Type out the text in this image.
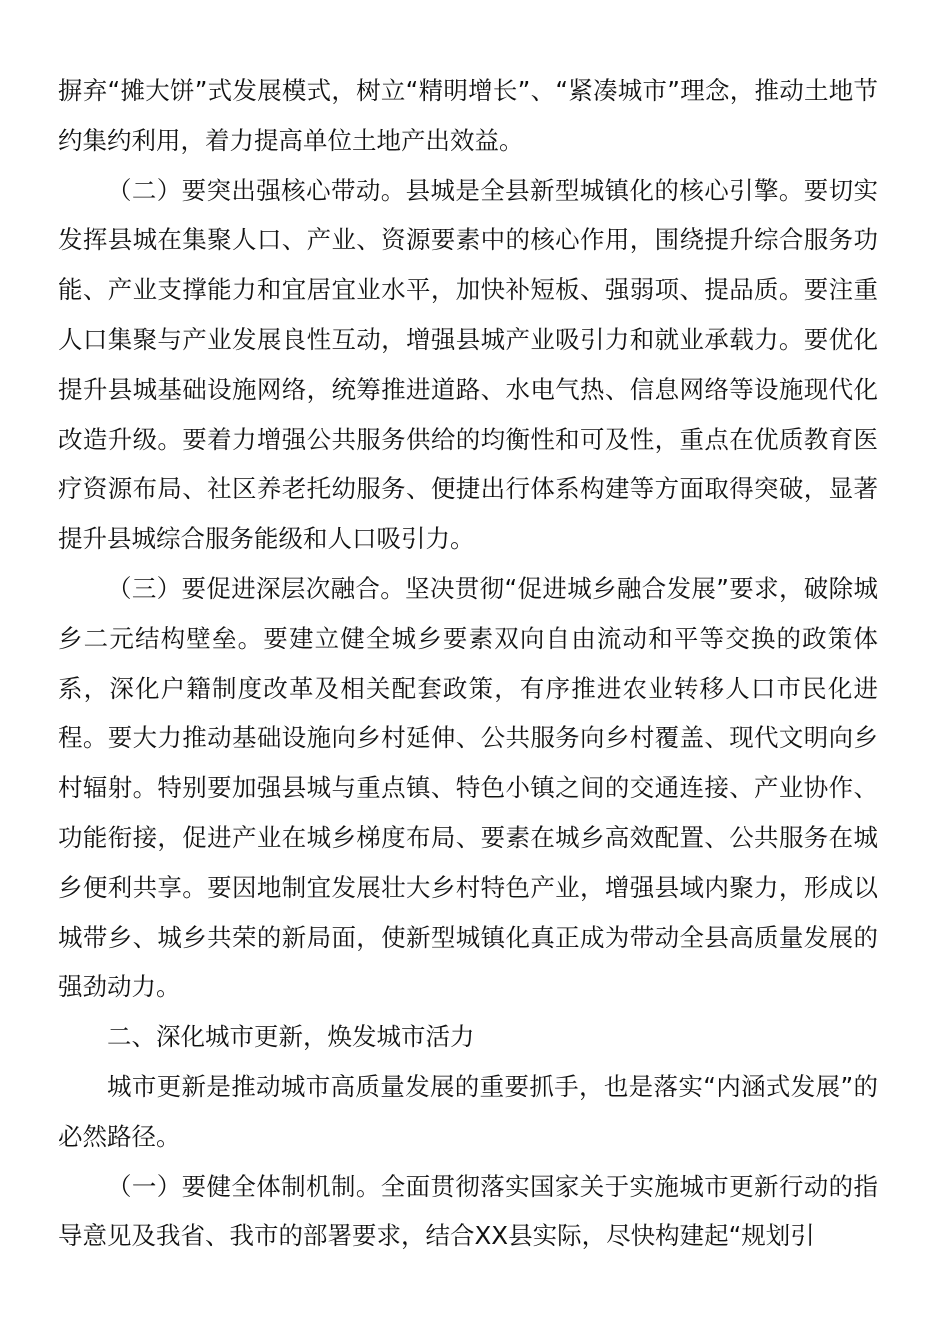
摒弃“摊大饼”式发展模式，树立“精明增长”、“紧凑城市”理念，推动土地节约集约利用，着力提高单位土地产出效益。

（二）要突出强核心带动。县城是全县新型城镇化的核心引擎。要切实发挥县城在集聚人口、产业、资源要素中的核心作用，围绕提升综合服务功能、产业支撑能力和宜居宜业水平，加快补短板、强弱项、提品质。要注重人口集聚与产业发展良性互动，增强县城产业吸引力和就业承载力。要优化提升县城基础设施网络，统筹推进道路、水电气热、信息网络等设施现代化改造升级。要着力增强公共服务供给的均衡性和可及性，重点在优质教育医疗资源布局、社区养老托幼服务、便捷出行体系构建等方面取得突破，显著提升县城综合服务能级和人口吸引力。

（三）要促进深层次融合。坚决贯彻“促进城乡融合发展”要求，破除城乡二元结构壁垒。要建立健全城乡要素双向自由流动和平等交换的政策体系，深化户籍制度改革及相关配套政策，有序推进农业转移人口市民化进程。要大力推动基础设施向乡村延伸、公共服务向乡村覆盖、现代文明向乡村辐射。特别要加强县城与重点镇、特色小镇之间的交通连接、产业协作、功能衔接，促进产业在城乡梯度布局、要素在城乡高效配置、公共服务在城乡便利共享。要因地制宜发展壮大乡村特色产业，增强县域内聚力，形成以城带乡、城乡共荣的新局面，使新型城镇化真正成为带动全县高质量发展的强劲动力。

二、深化城市更新，焕发城市活力

城市更新是推动城市高质量发展的重要抓手，也是落实“内涵式发展”的必然路径。

（一）要健全体制机制。全面贯彻落实国家关于实施城市更新行动的指导意见及我省、我市的部署要求，结合XX县实际，尽快构建起“规划引
